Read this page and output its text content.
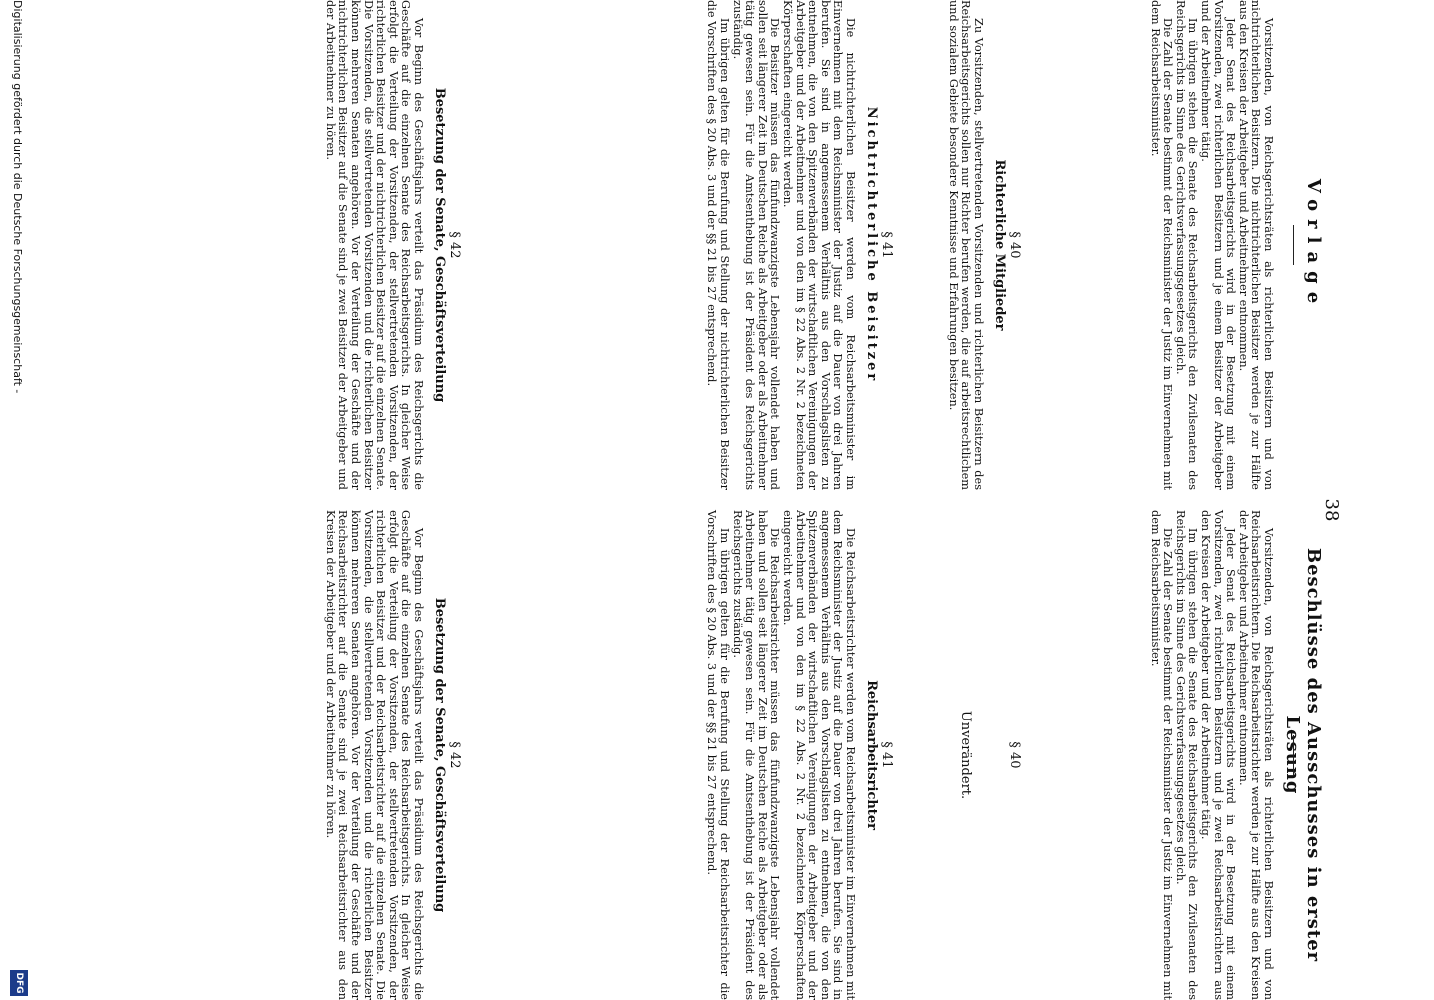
38
Vorlage

Vorsitzenden, von Reichsgerichtsräten als richterlichen Beisitzern und von nichtrichterlichen Beisitzern. Die nichtrichterlichen Beisitzer werden je zur Hälfte aus den Kreisen der Arbeitgeber und Arbeitnehmer entnommen.

Jeder Senat des Reichsarbeitsgerichts wird in der Besetzung mit einem Vorsitzenden, zwei richterlichen Beisitzern und je einem Beisitzer der Arbeitgeber und der Arbeitnehmer tätig.

Im übrigen stehen die Senate des Reichsarbeitsgerichts den Zivilsenaten des Reichsgerichts im Sinne des Gerichtsverfassungsgesetzes gleich.

Die Zahl der Senate bestimmt der Reichsminister der Justiz im Einvernehmen mit dem Reichsarbeitsminister.

§ 40
Richterliche Mitglieder

Zu Vorsitzenden, stellvertretenden Vorsitzenden und richterlichen Beisitzern des Reichsarbeitsgerichts sollen nur Richter berufen werden, die auf arbeitsrechtlichem und sozialem Gebiete besondere Kenntnisse und Erfahrungen besitzen.

§ 41
Nichtrichterliche Beisitzer

Die nichtrichterlichen Beisitzer werden vom Reichsarbeitsminister im Einvernehmen mit dem Reichsminister der Justiz auf die Dauer von drei Jahren berufen. Sie sind in angemessenem Verhältnis aus den Vorschlagslisten zu entnehmen, die von den Spitzenverbänden der wirtschaftlichen Vereinigungen der Arbeitgeber und der Arbeitnehmer und von den im § 22 Abs. 2 Nr. 2 bezeichneten Körperschaften eingereicht werden.

Die Beisitzer müssen das fünfundzwanzigste Lebensjahr vollendet haben und sollen seit längerer Zeit im Deutschen Reiche als Arbeitgeber oder als Arbeitnehmer tätig gewesen sein. Für die Amtsenthebung ist der Präsident des Reichsgerichts zuständig.

Im übrigen gelten für die Berufung und Stellung der nichtrichterlichen Beisitzer die Vorschriften des § 20 Abs. 3 und der §§ 21 bis 27 entsprechend.

§ 42
Besetzung der Senate, Geschäftsverteilung

Vor Beginn des Geschäftsjahrs verteilt das Präsidium des Reichsgerichts die Geschäfte auf die einzelnen Senate des Reichsarbeitsgerichts. In gleicher Weise erfolgt die Verteilung der Vorsitzenden, der stellvertretenden Vorsitzenden, der richterlichen Beisitzer und der nichtrichterlichen Beisitzer auf die einzelnen Senate. Die Vorsitzenden, die stellvertretenden Vorsitzenden und die richterlichen Beisitzer können mehreren Senaten angehören. Vor der Verteilung der Geschäfte und der nichtrichterlichen Beisitzer auf die Senate sind je zwei Beisitzer der Arbeitgeber und der Arbeitnehmer zu hören.

Beschlüsse des Ausschusses in erster Lesung

Vorsitzenden, von Reichsgerichtsräten als richterlichen Beisitzern und von Reichsarbeitsrichtern. Die Reichsarbeitsrichter werden je zur Hälfte aus den Kreisen der Arbeitgeber und Arbeitnehmer entnommen.

Jeder Senat des Reichsarbeitsgerichts wird in der Besetzung mit einem Vorsitzenden, zwei richterlichen Beisitzern und je zwei Reichsarbeitsrichtern aus den Kreisen der Arbeitgeber und der Arbeitnehmer tätig.

Im übrigen stehen die Senate des Reichsarbeitsgerichts den Zivilsenaten des Reichsgerichts im Sinne des Gerichtsverfassungsgesetzes gleich.

Die Zahl der Senate bestimmt der Reichsminister der Justiz im Einvernehmen mit dem Reichsarbeitsminister.

§ 40
Unverändert.
§ 41
Reichsarbeitsrichter

Die Reichsarbeitsrichter werden vom Reichsarbeitsminister im Einvernehmen mit dem Reichsminister der Justiz auf die Dauer von drei Jahren berufen. Sie sind in angemessenem Verhältnis aus den Vorschlagslisten zu entnehmen, die von den Spitzenverbänden der wirtschaftlichen Vereinigungen der Arbeitgeber und der Arbeitnehmer und von den im § 22 Abs. 2 Nr. 2 bezeichneten Körperschaften eingereicht werden.

Die Reichsarbeitsrichter müssen das fünfundzwanzigste Lebensjahr vollendet haben und sollen seit längerer Zeit im Deutschen Reiche als Arbeitgeber oder als Arbeitnehmer tätig gewesen sein. Für die Amtsenthebung ist der Präsident des Reichsgerichts zuständig.

Im übrigen gelten für die Berufung und Stellung der Reichsarbeitsrichter die Vorschriften des § 20 Abs. 3 und der §§ 21 bis 27 entsprechend.

§ 42
Besetzung der Senate, Geschäftsverteilung

Vor Beginn des Geschäftsjahrs verteilt das Präsidium des Reichsgerichts die Geschäfte auf die einzelnen Senate des Reichsarbeitsgerichts. In gleicher Weise erfolgt die Verteilung der Vorsitzenden, der stellvertretenden Vorsitzenden, der richterlichen Beisitzer und der Reichsarbeitsrichter auf die einzelnen Senate. Die Vorsitzenden, die stellvertretenden Vorsitzenden und die richterlichen Beisitzer können mehreren Senaten angehören. Vor der Verteilung der Geschäfte und der Reichsarbeitsrichter auf die Senate sind je zwei Reichsarbeitsrichter aus den Kreisen der Arbeitgeber und der Arbeitnehmer zu hören.

Digitalisierung gefördert durch die Deutsche Forschungsgemeinschaft -
DFG
